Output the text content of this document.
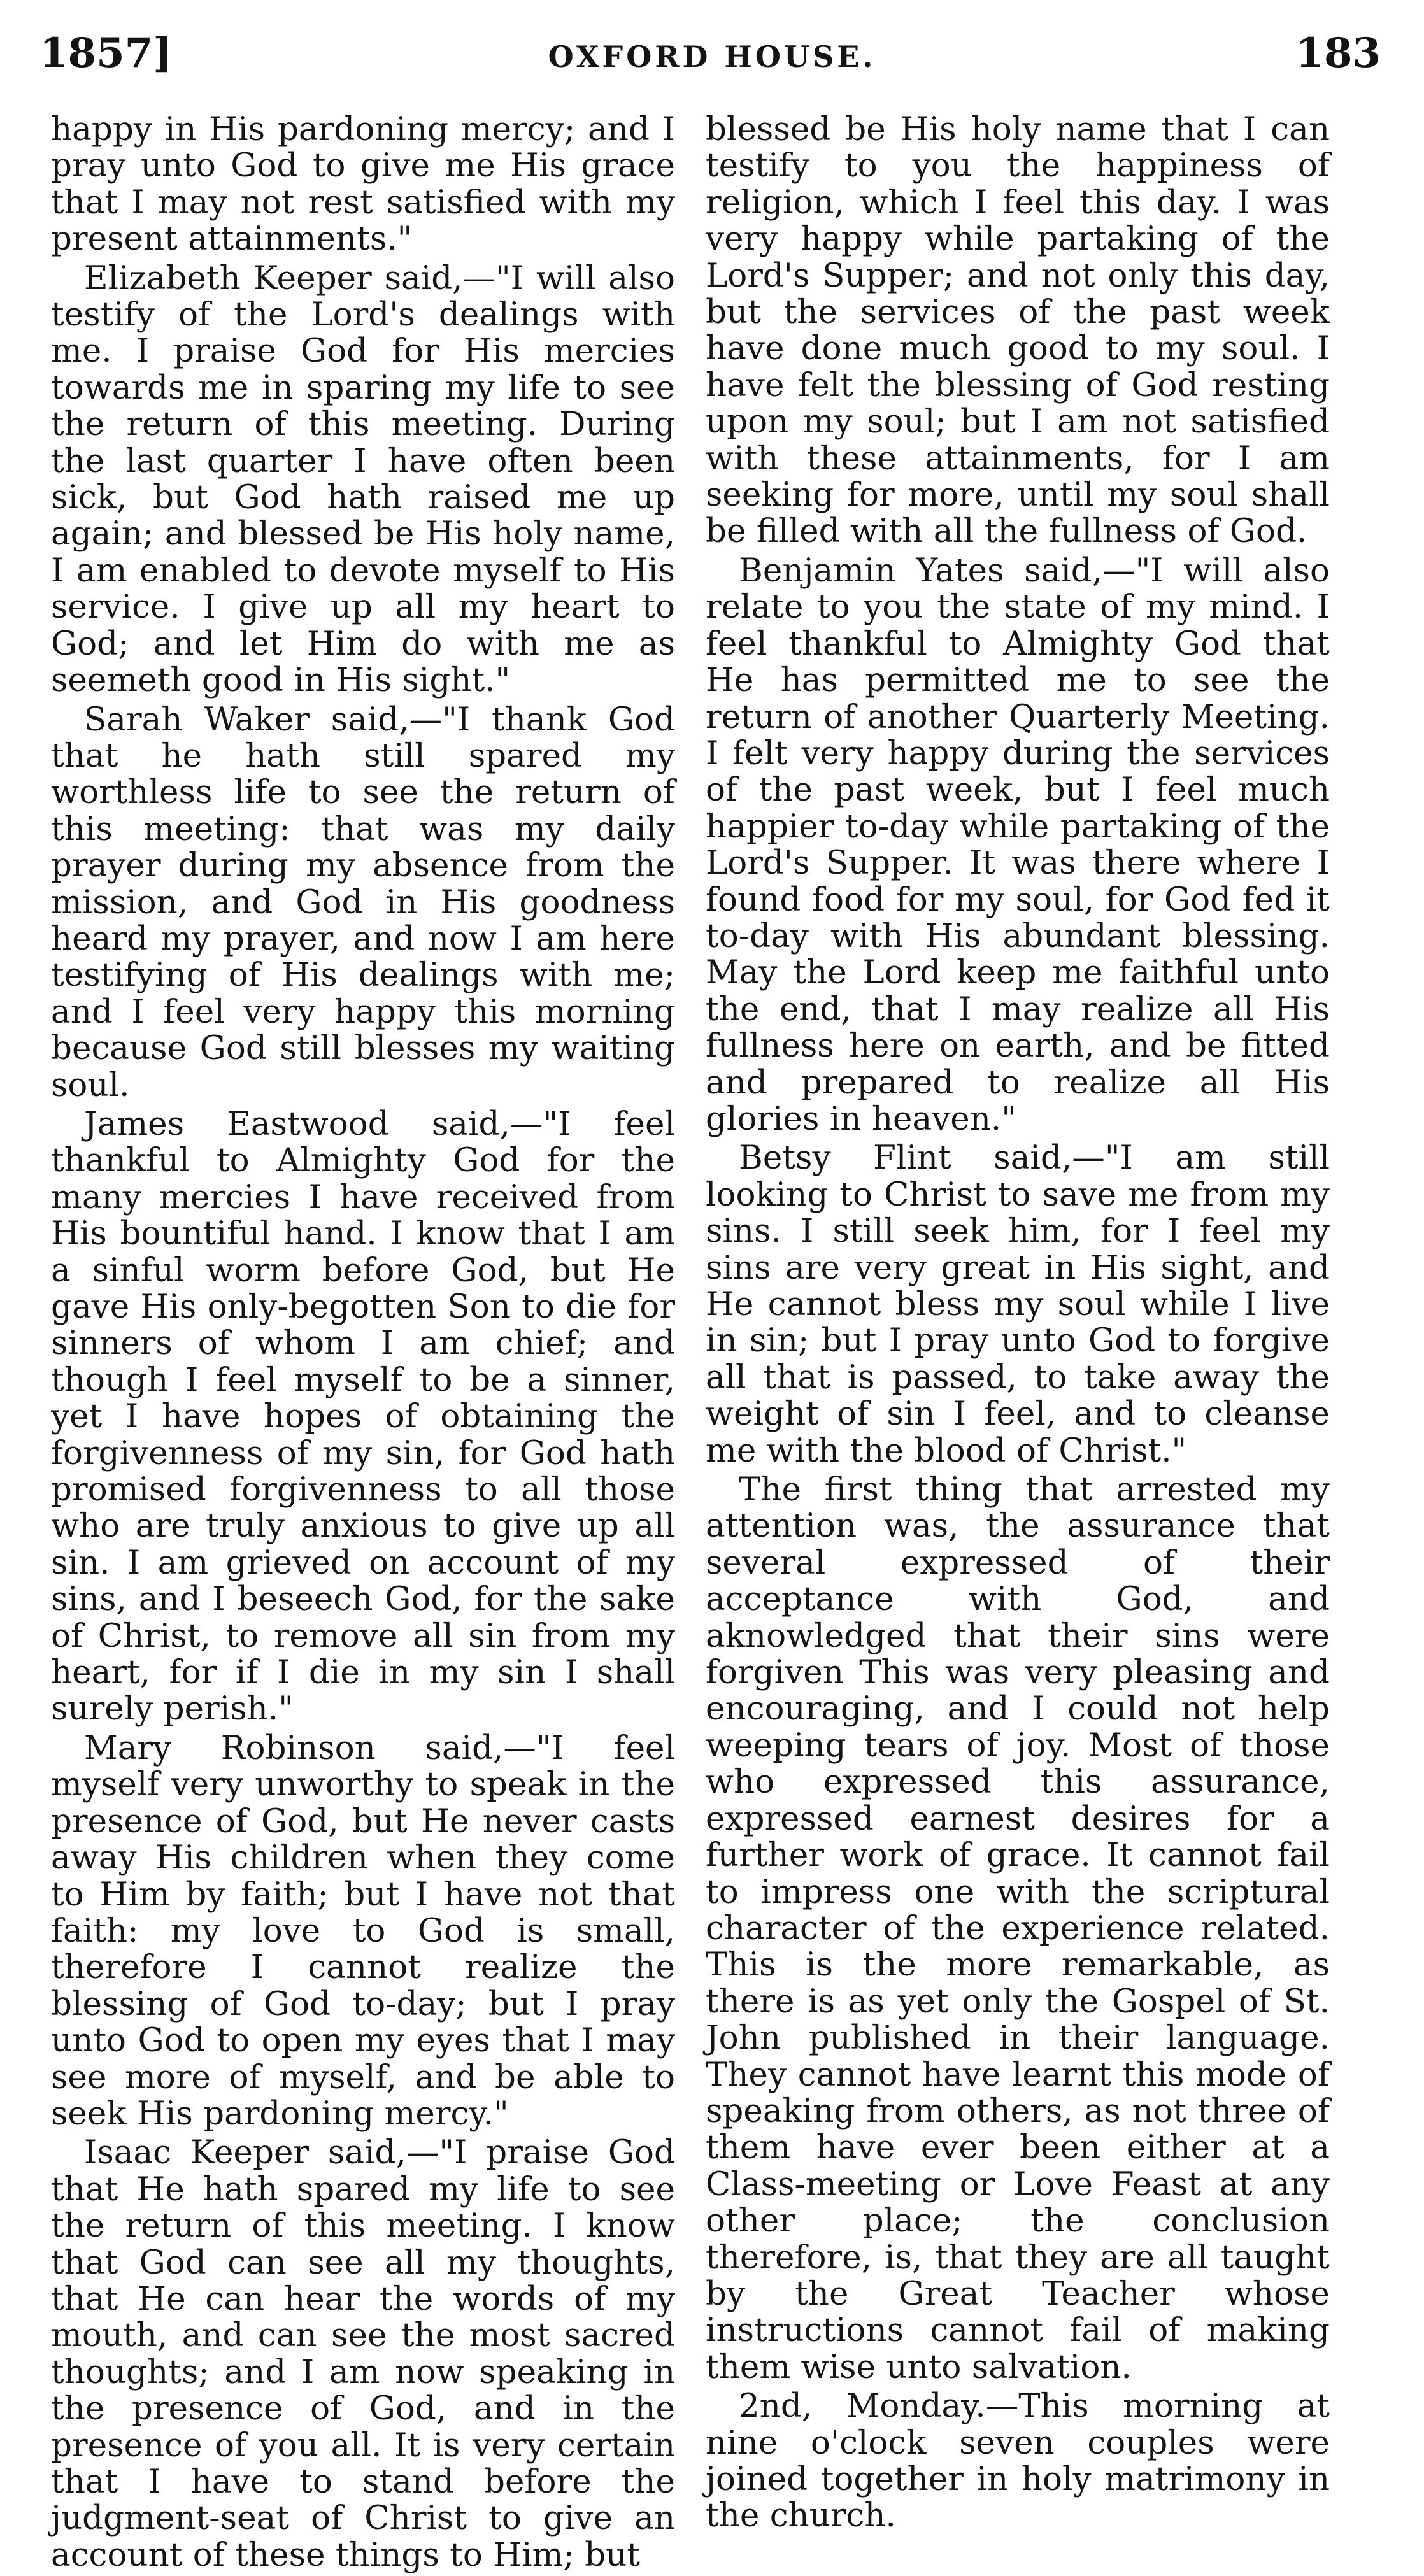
1857]	OXFORD HOUSE.	183

happy in His pardoning mercy; and I pray unto God to give me His grace that I may not rest satisfied with my present attainments."

Elizabeth Keeper said,—"I will also testify of the Lord's dealings with me. I praise God for His mercies towards me in sparing my life to see the return of this meeting. During the last quarter I have often been sick, but God hath raised me up again; and blessed be His holy name, I am enabled to devote myself to His service. I give up all my heart to God; and let Him do with me as seemeth good in His sight."

Sarah Waker said,—"I thank God that he hath still spared my worthless life to see the return of this meeting: that was my daily prayer during my absence from the mission, and God in His goodness heard my prayer, and now I am here testifying of His dealings with me; and I feel very happy this morning because God still blesses my waiting soul.

James Eastwood said,—"I feel thankful to Almighty God for the many mercies I have received from His bountiful hand. I know that I am a sinful worm before God, but He gave His only-begotten Son to die for sinners of whom I am chief; and though I feel myself to be a sinner, yet I have hopes of obtaining the forgivenness of my sin, for God hath promised forgivenness to all those who are truly anxious to give up all sin. I am grieved on account of my sins, and I beseech God, for the sake of Christ, to remove all sin from my heart, for if I die in my sin I shall surely perish."

Mary Robinson said,—"I feel myself very unworthy to speak in the presence of God, but He never casts away His children when they come to Him by faith; but I have not that faith: my love to God is small, therefore I cannot realize the blessing of God to-day; but I pray unto God to open my eyes that I may see more of myself, and be able to seek His pardoning mercy."

Isaac Keeper said,—"I praise God that He hath spared my life to see the return of this meeting. I know that God can see all my thoughts, that He can hear the words of my mouth, and can see the most sacred thoughts; and I am now speaking in the presence of God, and in the presence of you all. It is very certain that I have to stand before the judgment-seat of Christ to give an account of these things to Him; but

blessed be His holy name that I can testify to you the happiness of religion, which I feel this day. I was very happy while partaking of the Lord's Supper; and not only this day, but the services of the past week have done much good to my soul. I have felt the blessing of God resting upon my soul; but I am not satisfied with these attainments, for I am seeking for more, until my soul shall be filled with all the fullness of God.

Benjamin Yates said,—"I will also relate to you the state of my mind. I feel thankful to Almighty God that He has permitted me to see the return of another Quarterly Meeting. I felt very happy during the services of the past week, but I feel much happier to-day while partaking of the Lord's Supper. It was there where I found food for my soul, for God fed it to-day with His abundant blessing. May the Lord keep me faithful unto the end, that I may realize all His fullness here on earth, and be fitted and prepared to realize all His glories in heaven."

Betsy Flint said,—"I am still looking to Christ to save me from my sins. I still seek him, for I feel my sins are very great in His sight, and He cannot bless my soul while I live in sin; but I pray unto God to forgive all that is passed, to take away the weight of sin I feel, and to cleanse me with the blood of Christ."

The first thing that arrested my attention was, the assurance that several expressed of their acceptance with God, and aknowledged that their sins were forgiven This was very pleasing and encouraging, and I could not help weeping tears of joy. Most of those who expressed this assurance, expressed earnest desires for a further work of grace. It cannot fail to impress one with the scriptural character of the experience related. This is the more remarkable, as there is as yet only the Gospel of St. John published in their language. They cannot have learnt this mode of speaking from others, as not three of them have ever been either at a Class-meeting or Love Feast at any other place; the conclusion therefore, is, that they are all taught by the Great Teacher whose instructions cannot fail of making them wise unto salvation.

2nd, Monday.—This morning at nine o'clock seven couples were joined together in holy matrimony in the church.
